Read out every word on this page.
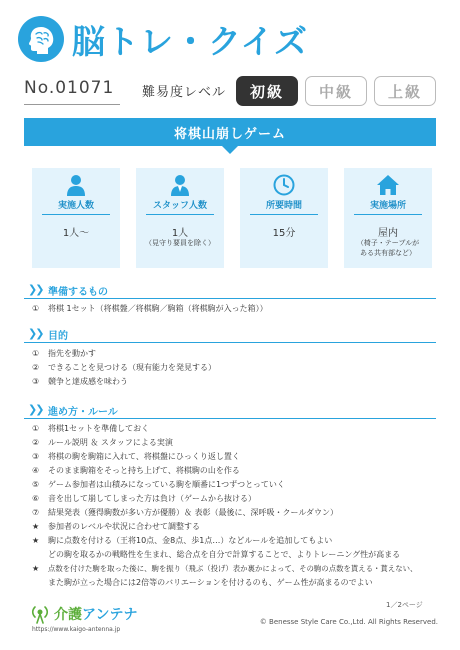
脳トレ・クイズ
No.01071 難易度レベル	初級	中級	上級
将棋山崩しゲーム
実施人数
1人～
スタッフ人数
1人
（見守り要員を除く）
所要時間
15分
実施場所
屋内
（椅子・テーブルが
ある共有部など）
❯❯ 準備するもの
① 将棋 1セット（将棋盤／将棋駒／駒箱（将棋駒が入った箱））
❯❯ 目的
① 指先を動かす
② できることを見つける（現有能力を発見する）
③ 競争と達成感を味わう
❯❯ 進め方・ルール
① 将棋1セットを準備しておく
② ルール説明 ＆ スタッフによる実演
③ 将棋の駒を駒箱に入れて、将棋盤にひっくり返し置く
④ そのまま駒箱をそっと持ち上げて、将棋駒の山を作る
⑤ ゲーム参加者は山積みになっている駒を順番に1つずつとっていく
⑥ 音を出して崩してしまった方は負け（ゲームから抜ける）
⑦ 結果発表（獲得駒数が多い方が優勝）＆ 表彰（最後に、深呼吸・クールダウン）
★ 参加者のレベルや状況に合わせて調整する
★ 駒に点数を付ける（王将10点、金8点、歩1点…）などルールを追加してもよい
どの駒を取るかの戦略性を生まれ、総合点を自分で計算することで、よりトレーニング性が高まる
★ 点数を付けた駒を取った後に、駒を振り（飛ぶ（投げ）表か裏かによって、その駒の点数を貰える・貰えない、
また駒が立った場合には2倍等のバリエーションを付けるのも、ゲーム性が高まるのでよい
1／2ページ
介護アンテナ
https://www.kaigo-antenna.jp
© Benesse Style Care Co.,Ltd. All Rights Reserved.
